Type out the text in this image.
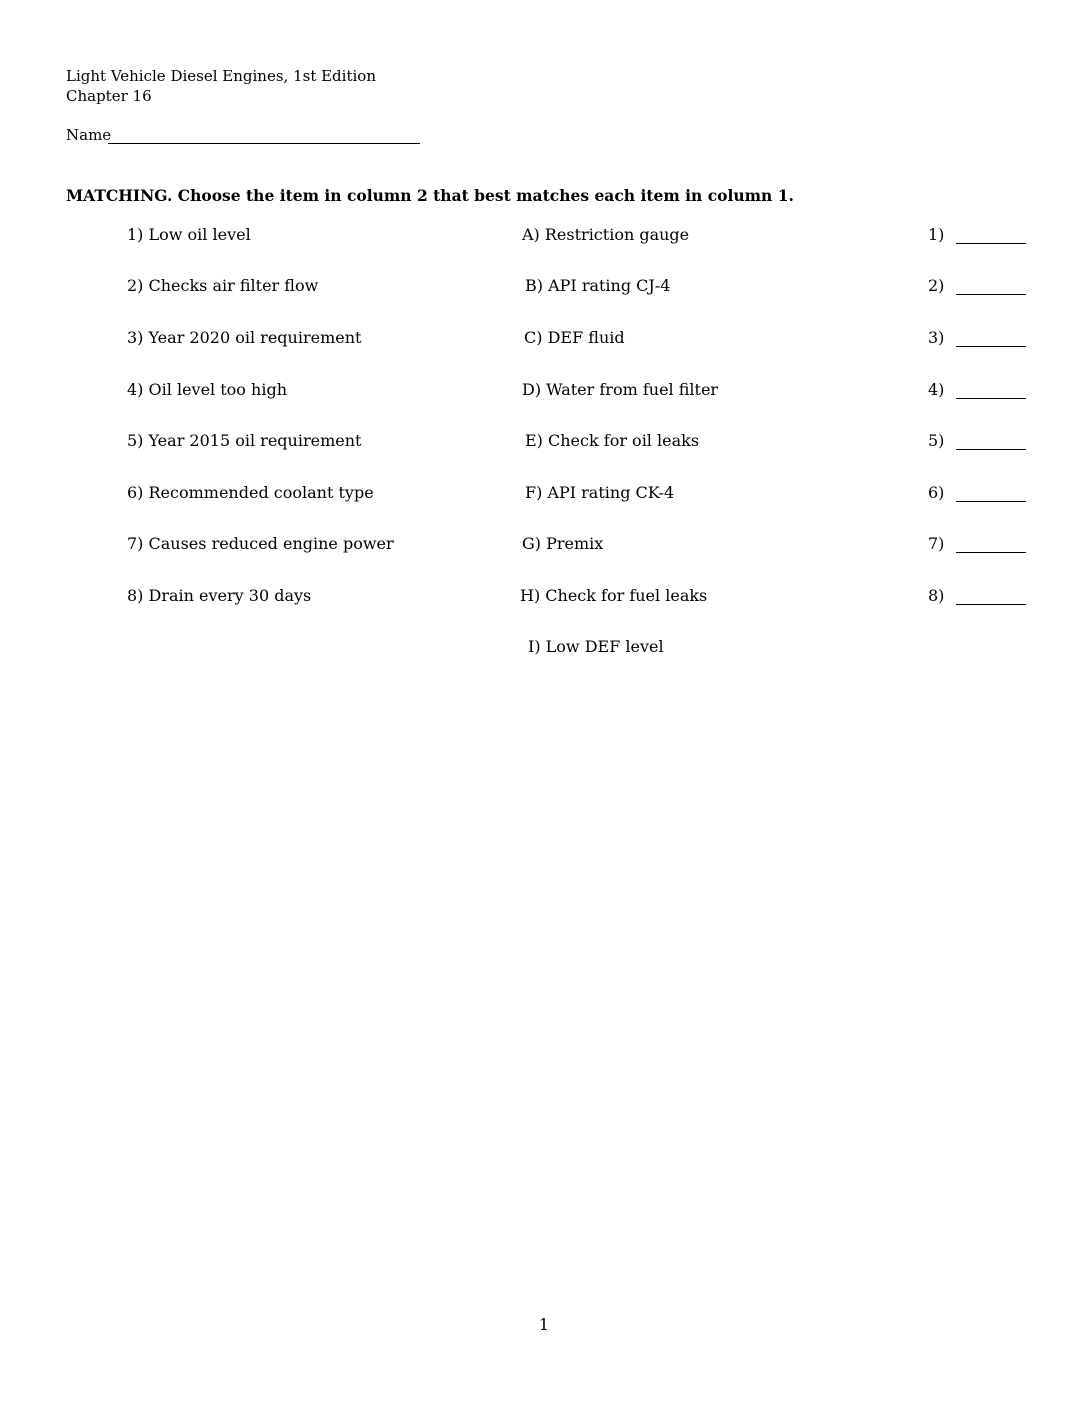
Light Vehicle Diesel Engines, 1st Edition
Chapter 16
Name
MATCHING. Choose the item in column 2 that best matches each item in column 1.
1) Low oil level	A) Restriction gauge	1)
2) Checks air filter flow	B) API rating CJ-4	2)
3) Year 2020 oil requirement	C) DEF fluid	3)
4) Oil level too high	D) Water from fuel filter	4)
5) Year 2015 oil requirement	E) Check for oil leaks	5)
6) Recommended coolant type	F) API rating CK-4	6)
7) Causes reduced engine power	G) Premix	7)
8) Drain every 30 days	H) Check for fuel leaks	8)
I) Low DEF level
1
